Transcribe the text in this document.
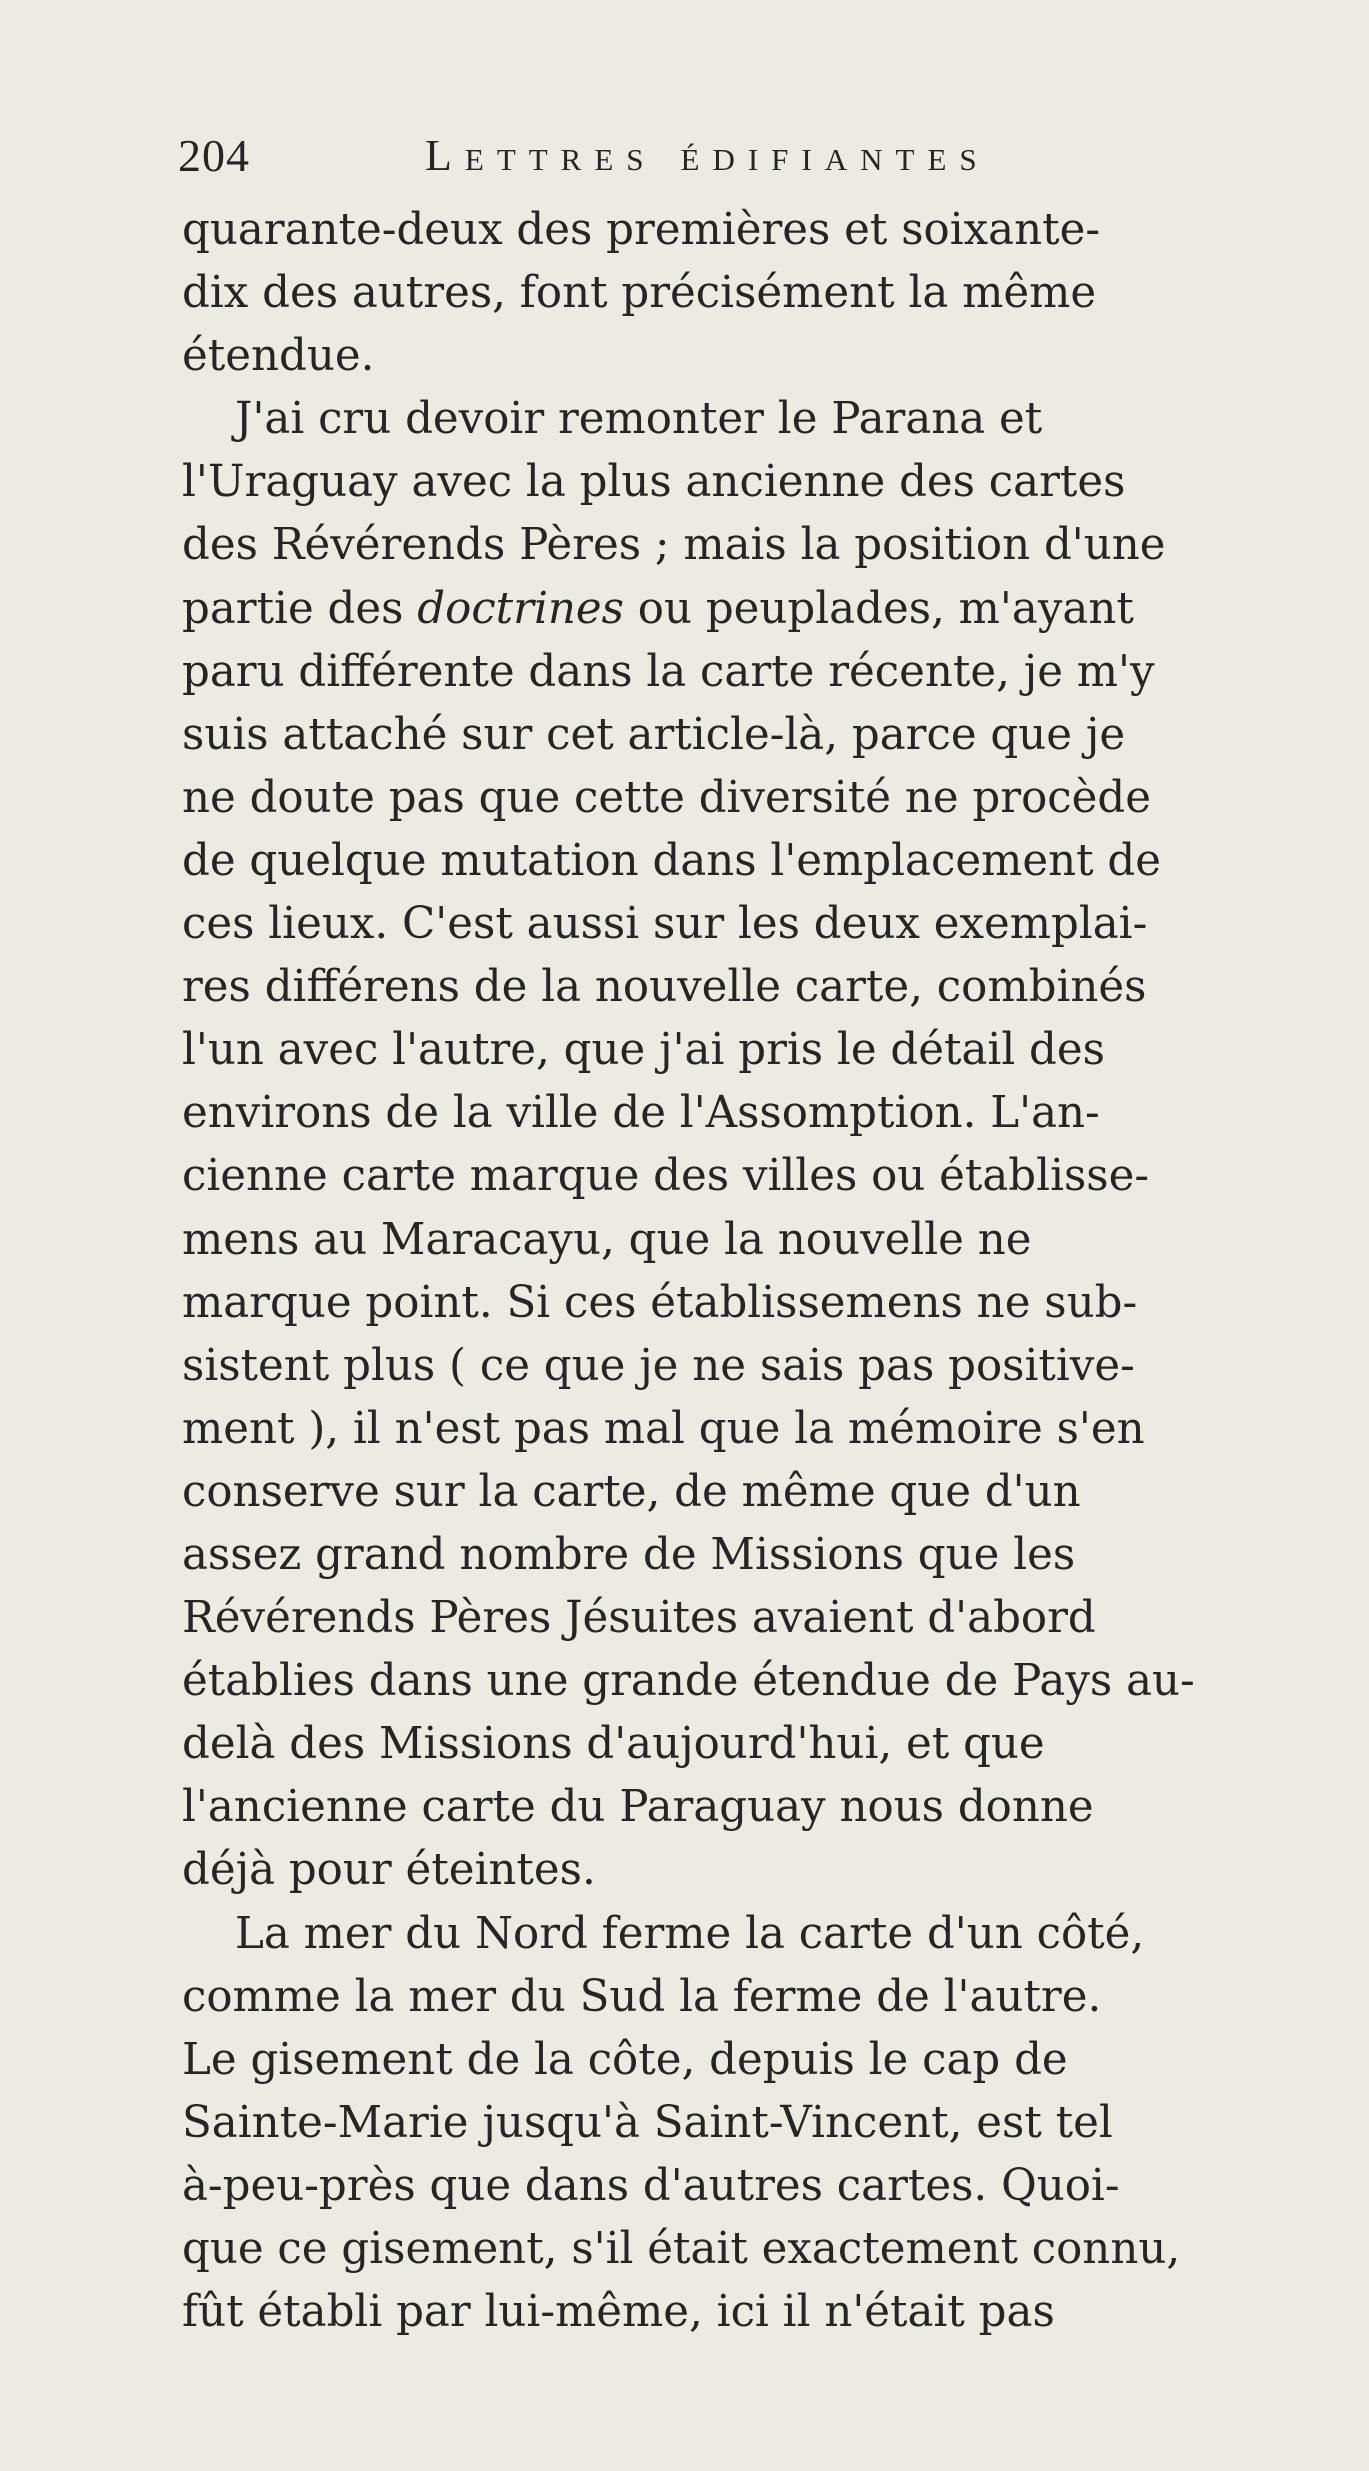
204	Lettres édifiantes
quarante-deux des premières et soixante-
dix des autres, font précisément la même
étendue.
J'ai cru devoir remonter le Parana et
l'Uraguay avec la plus ancienne des cartes
des Révérends Pères ; mais la position d'une
partie des doctrines ou peuplades, m'ayant
paru différente dans la carte récente, je m'y
suis attaché sur cet article-là, parce que je
ne doute pas que cette diversité ne procède
de quelque mutation dans l'emplacement de
ces lieux. C'est aussi sur les deux exemplai-
res différens de la nouvelle carte, combinés
l'un avec l'autre, que j'ai pris le détail des
environs de la ville de l'Assomption. L'an-
cienne carte marque des villes ou établisse-
mens au Maracayu, que la nouvelle ne
marque point. Si ces établissemens ne sub-
sistent plus ( ce que je ne sais pas positive-
ment ), il n'est pas mal que la mémoire s'en
conserve sur la carte, de même que d'un
assez grand nombre de Missions que les
Révérends Pères Jésuites avaient d'abord
établies dans une grande étendue de Pays au-
delà des Missions d'aujourd'hui, et que
l'ancienne carte du Paraguay nous donne
déjà pour éteintes.
La mer du Nord ferme la carte d'un côté,
comme la mer du Sud la ferme de l'autre.
Le gisement de la côte, depuis le cap de
Sainte-Marie jusqu'à Saint-Vincent, est tel
à-peu-près que dans d'autres cartes. Quoi-
que ce gisement, s'il était exactement connu,
fût établi par lui-même, ici il n'était pas
